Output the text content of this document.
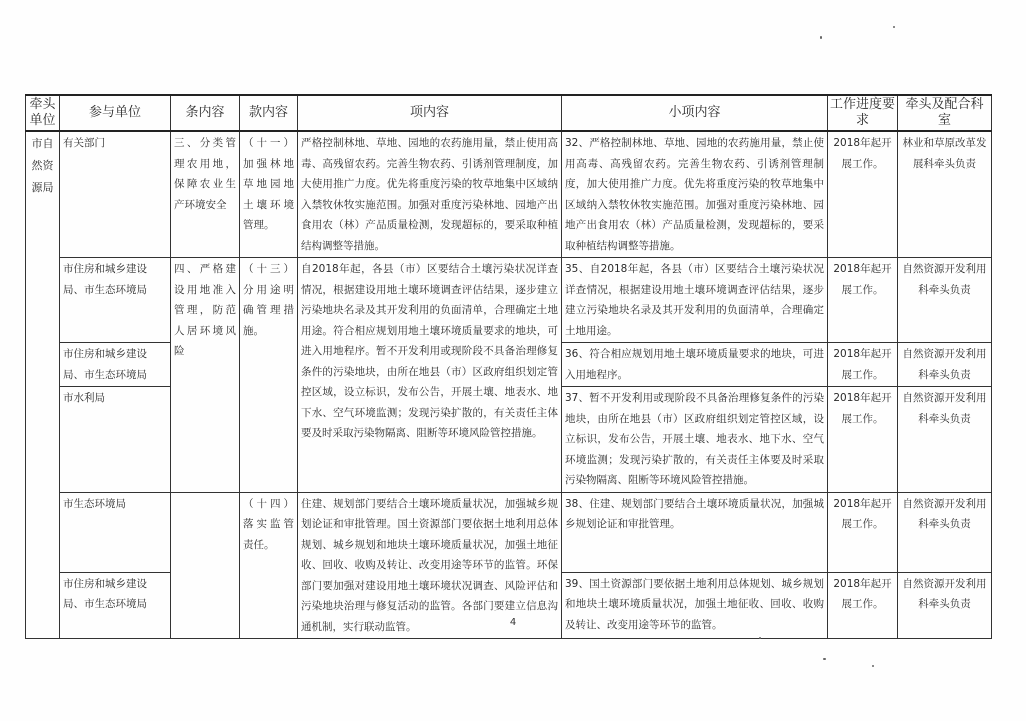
牵头单位	参与单位	条内容	款内容	项内容	小项内容	工作进度要求	牵头及配合科室
市自然资源局	有关部门	三、分类管理农用地，保障农业生产环境安全	（十一）加强林地草地园地土壤环境管理。	严格控制林地、草地、园地的农药施用量，禁止使用高毒、高残留农药。完善生物农药、引诱剂管理制度，加大使用推广力度。优先将重度污染的牧草地集中区域纳入禁牧休牧实施范围。加强对重度污染林地、园地产出食用农（林）产品质量检测，发现超标的，要采取种植结构调整等措施。	32、严格控制林地、草地、园地的农药施用量，禁止使用高毒、高残留农药。完善生物农药、引诱剂管理制度，加大使用推广力度。优先将重度污染的牧草地集中区域纳入禁牧休牧实施范围。加强对重度污染林地、园地产出食用农（林）产品质量检测，发现超标的，要采取种植结构调整等措施。	2018年起开展工作。	林业和草原改革发展科牵头负责
	市住房和城乡建设局、市生态环境局	四、严格建设用地准入管理，防范人居环境风险	（十三）分用途明确管理措施。	自2018年起，各县（市）区要结合土壤污染状况详查情况，根据建设用地土壤环境调查评估结果，逐步建立污染地块名录及其开发利用的负面清单，合理确定土地用途。符合相应规划用地土壤环境质量要求的地块，可进入用地程序。暂不开发利用或现阶段不具备治理修复条件的污染地块，由所在地县（市）区政府组织划定管控区域，设立标识，发布公告，开展土壤、地表水、地下水、空气环境监测；发现污染扩散的，有关责任主体要及时采取污染物隔离、阻断等环境风险管控措施。	35、自2018年起，各县（市）区要结合土壤污染状况详查情况，根据建设用地土壤环境调查评估结果，逐步建立污染地块名录及其开发利用的负面清单，合理确定土地用途。	2018年起开展工作。	自然资源开发利用科牵头负责
	市住房和城乡建设局、市生态环境局				36、符合相应规划用地土壤环境质量要求的地块，可进入用地程序。	2018年起开展工作。	自然资源开发利用科牵头负责
	市水利局				37、暂不开发利用或现阶段不具备治理修复条件的污染地块，由所在地县（市）区政府组织划定管控区域，设立标识，发布公告，开展土壤、地表水、地下水、空气环境监测；发现污染扩散的，有关责任主体要及时采取污染物隔离、阻断等环境风险管控措施。	2018年起开展工作。	自然资源开发利用科牵头负责
	市生态环境局		（十四）落实监管责任。	住建、规划部门要结合土壤环境质量状况，加强城乡规划论证和审批管理。国土资源部门要依据土地利用总体规划、城乡规划和地块土壤环境质量状况，加强土地征收、回收、收购及转让、改变用途等环节的监管。环保部门要加强对建设用地土壤环境状况调查、风险评估和污染地块治理与修复活动的监管。各部门要建立信息沟通机制，实行联动监管。	38、住建、规划部门要结合土壤环境质量状况，加强城乡规划论证和审批管理。	2018年起开展工作。	自然资源开发利用科牵头负责
	市住房和城乡建设局、市生态环境局				39、国土资源部门要依据土地利用总体规划、城乡规划和地块土壤环境质量状况，加强土地征收、回收、收购及转让、改变用途等环节的监管。	2018年起开展工作。	自然资源开发利用科牵头负责
4
